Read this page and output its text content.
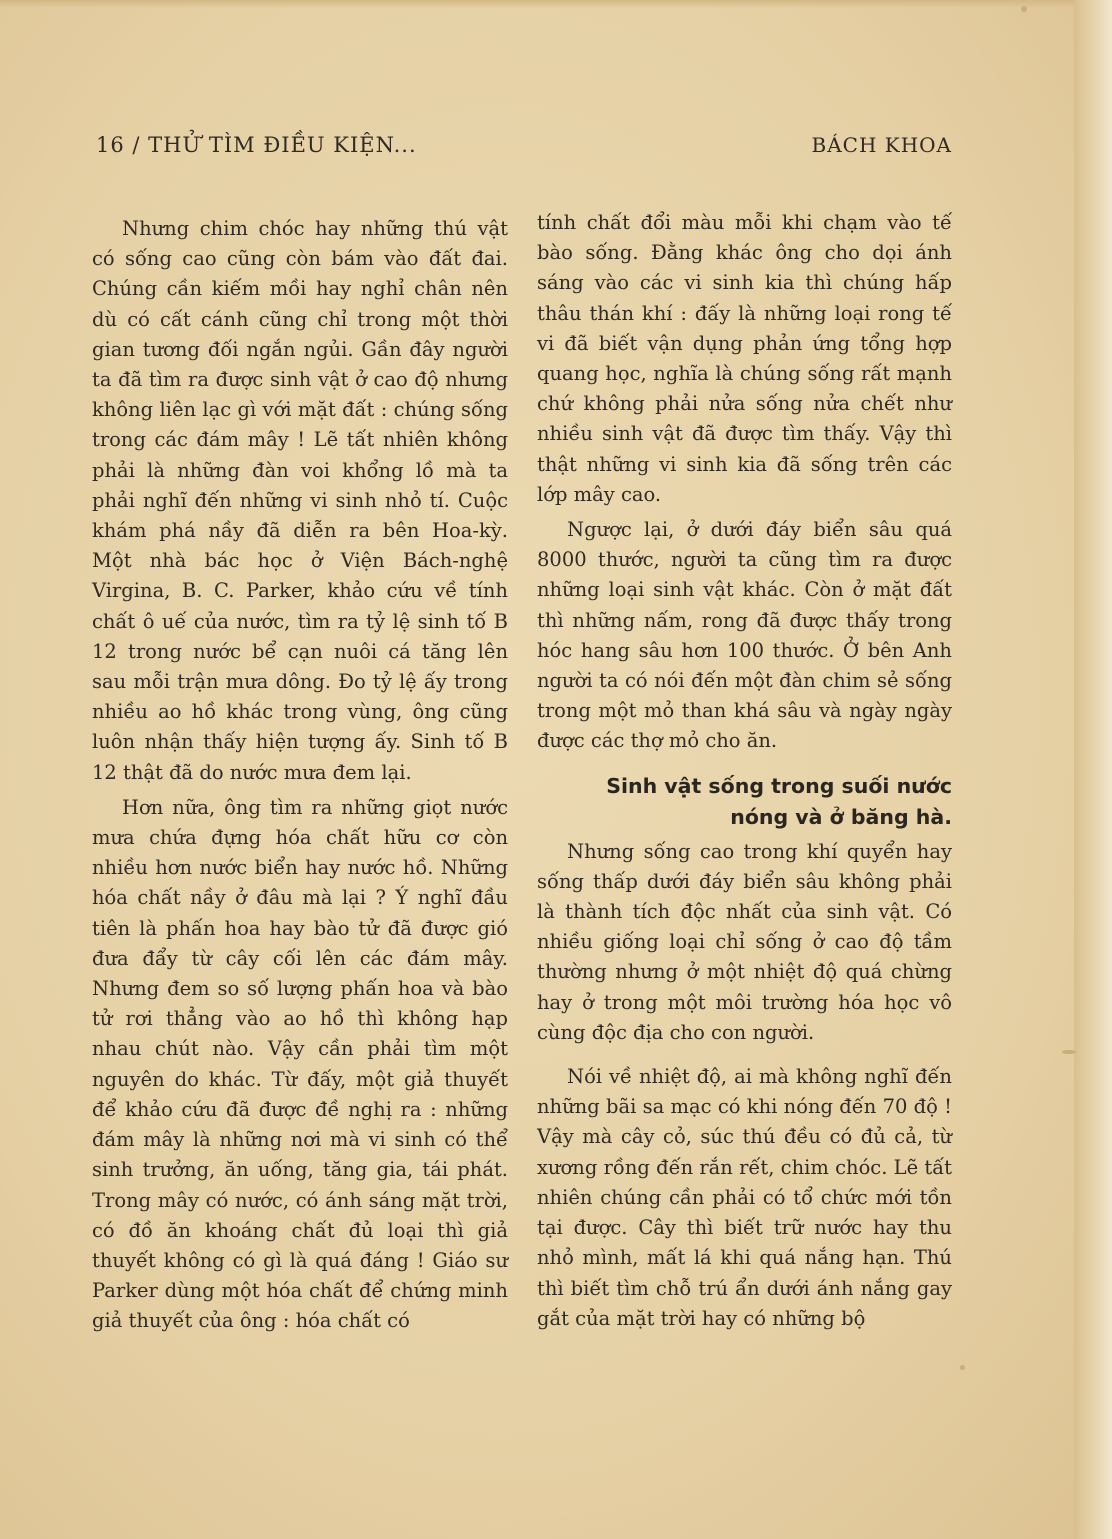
16 / THỬ TÌM ĐIỀU KIỆN...	BÁCH KHOA

Nhưng chim chóc hay những thú vật có sống cao cũng còn bám vào đất đai. Chúng cần kiếm mồi hay nghỉ chân nên dù có cất cánh cũng chỉ trong một thời gian tương đối ngắn ngủi. Gần đây người ta đã tìm ra được sinh vật ở cao độ nhưng không liên lạc gì với mặt đất : chúng sống trong các đám mây ! Lẽ tất nhiên không phải là những đàn voi khổng lồ mà ta phải nghĩ đến những vi sinh nhỏ tí. Cuộc khám phá nầy đã diễn ra bên Hoa-kỳ. Một nhà bác học ở Viện Bách-nghệ Virgina, B. C. Parker, khảo cứu về tính chất ô uế của nước, tìm ra tỷ lệ sinh tố B 12 trong nước bể cạn nuôi cá tăng lên sau mỗi trận mưa dông. Đo tỷ lệ ấy trong nhiều ao hồ khác trong vùng, ông cũng luôn nhận thấy hiện tượng ấy. Sinh tố B 12 thật đã do nước mưa đem lại.

Hơn nữa, ông tìm ra những giọt nước mưa chứa đựng hóa chất hữu cơ còn nhiều hơn nước biển hay nước hồ. Những hóa chất nầy ở đâu mà lại ? Ý nghĩ đầu tiên là phấn hoa hay bào tử đã được gió đưa đẩy từ cây cối lên các đám mây. Nhưng đem so số lượng phấn hoa và bào tử rơi thẳng vào ao hồ thì không hạp nhau chút nào. Vậy cần phải tìm một nguyên do khác. Từ đấy, một giả thuyết để khảo cứu đã được đề nghị ra : những đám mây là những nơi mà vi sinh có thể sinh trưởng, ăn uống, tăng gia, tái phát. Trong mây có nước, có ánh sáng mặt trời, có đồ ăn khoáng chất đủ loại thì giả thuyết không có gì là quá đáng ! Giáo sư Parker dùng một hóa chất để chứng minh giả thuyết của ông : hóa chất có

tính chất đổi màu mỗi khi chạm vào tế bào sống. Đằng khác ông cho dọi ánh sáng vào các vi sinh kia thì chúng hấp thâu thán khí : đấy là những loại rong tế vi đã biết vận dụng phản ứng tổng hợp quang học, nghĩa là chúng sống rất mạnh chứ không phải nửa sống nửa chết như nhiều sinh vật đã được tìm thấy. Vậy thì thật những vi sinh kia đã sống trên các lớp mây cao.

Ngược lại, ở dưới đáy biển sâu quá 8000 thước, người ta cũng tìm ra được những loại sinh vật khác. Còn ở mặt đất thì những nấm, rong đã được thấy trong hóc hang sâu hơn 100 thước. Ở bên Anh người ta có nói đến một đàn chim sẻ sống trong một mỏ than khá sâu và ngày ngày được các thợ mỏ cho ăn.

Sinh vật sống trong suối nước
nóng và ở băng hà.

Nhưng sống cao trong khí quyển hay sống thấp dưới đáy biển sâu không phải là thành tích độc nhất của sinh vật. Có nhiều giống loại chỉ sống ở cao độ tầm thường nhưng ở một nhiệt độ quá chừng hay ở trong một môi trường hóa học vô cùng độc địa cho con người.

Nói về nhiệt độ, ai mà không nghĩ đến những bãi sa mạc có khi nóng đến 70 độ ! Vậy mà cây cỏ, súc thú đều có đủ cả, từ xương rồng đến rắn rết, chim chóc. Lẽ tất nhiên chúng cần phải có tổ chức mới tồn tại được. Cây thì biết trữ nước hay thu nhỏ mình, mất lá khi quá nắng hạn. Thú thì biết tìm chỗ trú ẩn dưới ánh nắng gay gắt của mặt trời hay có những bộ
